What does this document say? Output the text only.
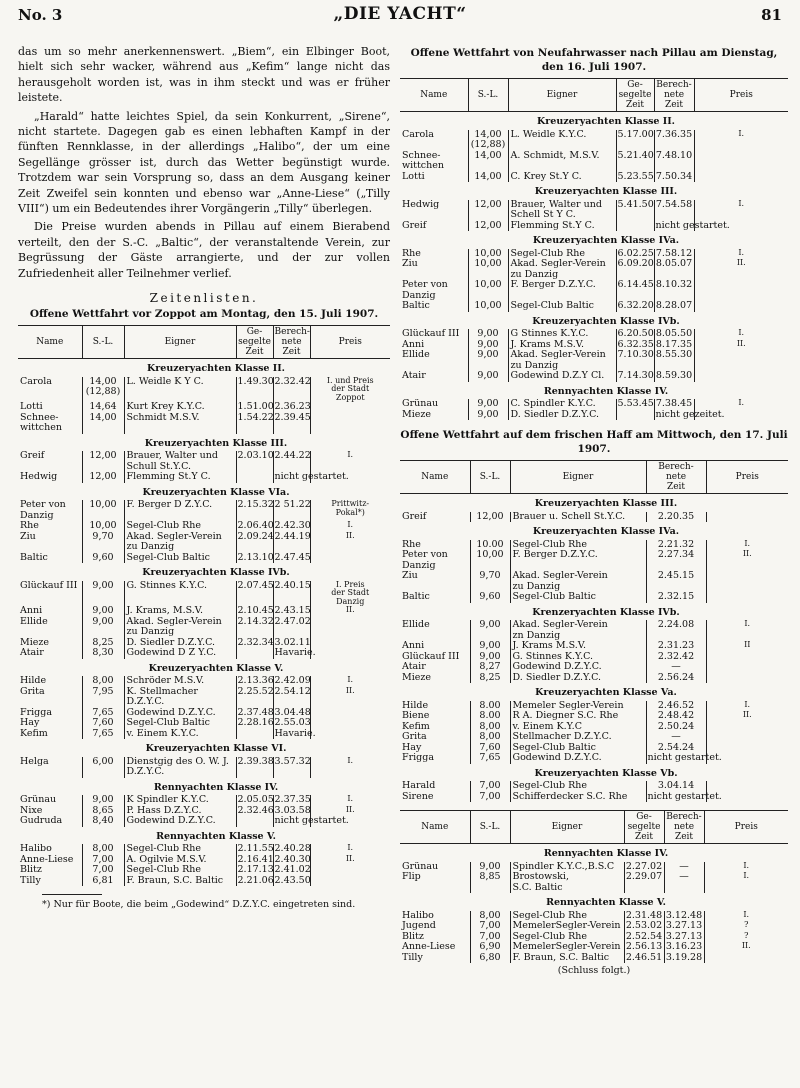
No. 3	„DIE YACHT“	81

das um so mehr anerkennenswert. „Biem“, ein Elbinger Boot, hielt sich sehr wacker, während aus „Kefim“ lange nicht das herausgeholt worden ist, was in ihm steckt und was er früher leistete.

„Harald“ hatte leichtes Spiel, da sein Konkurrent, „Sirene“, nicht startete. Dagegen gab es einen lebhaften Kampf in der fünften Rennklasse, in der allerdings „Halibo“, der um eine Segellänge grösser ist, durch das Wetter begünstigt wurde. Trotzdem war sein Vorsprung so, dass an dem Ausgang keiner Zeit Zweifel sein konnten und ebenso war „Anne-Liese“ („Tilly VIII“) um ein Bedeutendes ihrer Vorgängerin „Tilly“ überlegen.

Die Preise wurden abends in Pillau auf einem Bierabend verteilt, den der S.-C. „Baltic“, der veranstaltende Verein, zur Begrüssung der Gäste arrangierte, und der zur vollen Zufriedenheit aller Teilnehmer verlief.

Zeitenlisten.
Offene Wettfahrt vor Zoppot am Montag, den 15. Juli 1907.
Name	S.-L.	Eigner	Ge-
segelte
Zeit	Berech-
nete
Zeit	Preis
Kreuzeryachten Klasse II.					
Carola	14,00
(12,88)	L. Weidle K Y C.	1.49.30	2.32.42	I. und Preis
der Stadt
Zoppot
Lotti	14,64	Kurt Krey K.Y.C.	1.51.00	2.36.23	
Schnee-
wittchen	14,00	Schmidt M.S.V.	1.54.22	2.39.45	
Kreuzeryachten Klasse III.					
Greif	12,00	Brauer, Walter und
Schull St.Y.C.	2.03.10	2.44.22	I.
Hedwig	12,00	Flemming St.Y C.		nicht gestartet.	
Kreuzeryachten Klasse VIa.					
Peter von
Danzig	10,00	F. Berger D Z.Y.C.	2.15.32	2 51.22	Prittwitz-
Pokal*)
Rhe	10,00	Segel-Club Rhe	2.06.40	2.42.30	I.
Ziu	9,70	Akad. Segler-Verein
zu Danzig	2.09.24	2.44.19	II.
Baltic	9,60	Segel-Club Baltic	2.13.10	2.47.45	
Kreuzeryachten Klasse IVb.					
Glückauf III	9,00	G. Stinnes K.Y.C.	2.07.45	2.40.15	I. Preis
der Stadt
Danzig
Anni	9,00	J. Krams, M.S.V.	2.10.45	2.43.15	II.
Ellide	9,00	Akad. Segler-Verein
zu Danzig	2.14.32	2.47.02	
Mieze	8,25	D. Siedler D.Z.Y.C.	2.32.34	3.02.11	
Atair	8,30	Godewind D Z Y.C.		Havarie.	
Kreuzeryachten Klasse V.					
Hilde	8,00	Schröder M.S.V.	2.13.36	2.42.09	I.
Grita	7,95	K. Stellmacher
D.Z.Y.C.	2.25.52	2.54.12	II.
Frigga	7,65	Godewind D.Z.Y.C.	2.37.48	3.04.48	
Hay	7,60	Segel-Club Baltic	2.28.16	2.55.03	
Kefim	7,65	v. Einem K.Y.C.		Havarie.	
Kreuzeryachten Klasse VI.					
Helga	6,00	Dienstgig des O. W. J.
D.Z.Y.C.	2.39.38	3.57.32	I.
Rennyachten Klasse IV.					
Grünau	9,00	K Spindler K.Y.C.	2.05.05	2.37.35	I.
Nixe	8,65	P. Hass D.Z.Y.C.	2.32.46	3.03.58	II.
Gudruda	8,40	Godewind D.Z.Y.C.		nicht gestartet.	
Rennyachten Klasse V.					
Halibo	8,00	Segel-Club Rhe	2.11.55	2.40.28	I.
Anne-Liese	7,00	A. Ogilvie M.S.V.	2.16.41	2.40.30	II.
Blitz	7,00	Segel-Club Rhe	2.17.13	2.41.02	
Tilly	6,81	F. Braun, S.C. Baltic	2.21.06	2.43.50	
*) Nur für Boote, die beim „Godewind“ D.Z.Y.C. eingetreten sind.
Offene Wettfahrt von Neufahrwasser nach Pillau am Dienstag, den 16. Juli 1907.
Name	S.-L.	Eigner	Ge-
segelte
Zeit	Berech-
nete
Zeit	Preis
Kreuzeryachten Klasse II.					
Carola	14,00
(12,88)	L. Weidle K.Y.C.	5.17.00	7.36.35	I.
Schnee-
wittchen	14,00	A. Schmidt, M.S.V.	5.21.40	7.48.10	
Lotti	14,00	C. Krey St.Y C.	5.23.55	7.50.34	
Kreuzeryachten Klasse III.					
Hedwig	12,00	Brauer, Walter und
Schell St Y C.	5.41.50	7.54.58	I.
Greif	12,00	Flemming St.Y C.		nicht gestartet.	
Kreuzeryachten Klasse IVa.					
Rhe	10,00	Segel-Club Rhe	6.02.25	7.58.12	I.
Ziu	10,00	Akad. Segler-Verein
zu Danzig	6.09.20	8.05.07	II.
Peter von
Danzig	10,00	F. Berger D.Z.Y.C.	6.14.45	8.10.32	
Baltic	10,00	Segel-Club Baltic	6.32.20	8.28.07	
Kreuzeryachten Klasse IVb.					
Glückauf III	9,00	G Stinnes K.Y.C.	6.20.50	8.05.50	I.
Anni	9,00	J. Krams M.S.V.	6.32.35	8.17.35	II.
Ellide	9,00	Akad. Segler-Verein
zu Danzig	7.10.30	8.55.30	
Atair	9,00	Godewind D.Z.Y Cl.	7.14.30	8.59.30	
Rennyachten Klasse IV.					
Grünau	9,00	C. Spindler K.Y.C.	5.53.45	7.38.45	I.
Mieze	9,00	D. Siedler D.Z.Y.C.		nicht gezeitet.	
Offene Wettfahrt auf dem frischen Haff am Mittwoch, den 17. Juli 1907.
Name	S.-L.	Eigner	Berech-
nete
Zeit	Preis
Kreuzeryachten Klasse III.				
Greif	12,00	Brauer u. Schell St.Y.C.	2.20.35	
Kreuzeryachten Klasse IVa.				
Rhe	10.00	Segel-Club Rhe	2.21.32	I.
Peter von
Danzig	10,00	F. Berger D.Z.Y.C.	2.27.34	II.
Ziu	9,70	Akad. Segler-Verein
zu Danzig	2.45.15	
Baltic	9,60	Segel-Club Baltic	2.32.15	
Krenzeryachten Klasse IVb.				
Ellide	9,00	Akad. Segler-Verein
zn Danzig	2.24.08	I.
Anni	9,00	J. Krams M.S.V.	2.31.23	II
Glückauf III	9,00	G. Stinnes K.Y.C.	2.32.42	
Atair	8,27	Godewind D.Z.Y.C.	—	
Mieze	8,25	D. Siedler D.Z.Y.C.	2.56.24	
Kreuzeryachten Klasse Va.				
Hilde	8.00	Memeler Segler-Verein	2.46.52	I.
Biene	8.00	R A. Diegner S.C. Rhe	2.48.42	II.
Kefim	8,00	v. Einem K.Y.C	2.50.24	
Grita	8,00	Stellmacher D.Z.Y.C.	—	
Hay	7,60	Segel-Club Baltic	2.54.24	
Frigga	7,65	Godewind D.Z.Y.C.	nicht gestartet.	
Kreuzeryachten Klasse Vb.				
Harald	7,00	Segel-Club Rhe	3.04.14	
Sirene	7,00	Schifferdecker S.C. Rhe	nicht gestartet.	
Name	S.-L.	Eigner	Ge-
segelte
Zeit	Berech-
nete
Zeit	Preis
Rennyachten Klasse IV.					
Grünau	9,00	Spindler K.Y.C.,B.S.C	2.27.02	—	I.
Flip	8,85	Brostowski,
S.C. Baltic	2.29.07	—	I.
Rennyachten Klasse V.					
Halibo	8,00	Segel-Club Rhe	2.31.48	3.12.48	I.
Jugend	7,00	MemelerSegler-Verein	2.53.02	3.27.13	?
Blitz	7,00	Segel-Club Rhe	2.52.54	3.27.13	?
Anne-Liese	6,90	MemelerSegler-Verein	2.56.13	3.16.23	II.
Tilly	6,80	F. Braun, S.C. Baltic	2.46.51	3.19.28	
(Schluss folgt.)
